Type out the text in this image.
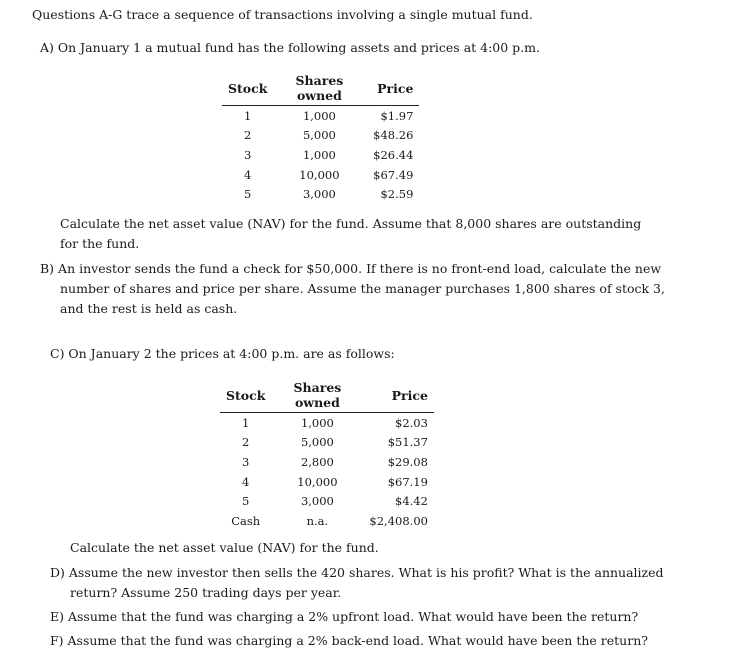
Questions A-G trace a sequence of transactions involving a single mutual fund.
A) On January 1 a mutual fund has the following assets and prices at 4:00 p.m.
Stock	Shares owned	Price
1	1,000	$1.97
2	5,000	$48.26
3	1,000	$26.44
4	10,000	$67.49
5	3,000	$2.59
Calculate the net asset value (NAV) for the fund. Assume that 8,000 shares are outstanding for the fund.
B) An investor sends the fund a check for $50,000. If there is no front-end load, calculate the new number of shares and price per share. Assume the manager purchases 1,800 shares of stock 3, and the rest is held as cash.
C) On January 2 the prices at 4:00 p.m. are as follows:
Stock	Shares owned	Price
1	1,000	$2.03
2	5,000	$51.37
3	2,800	$29.08
4	10,000	$67.19
5	3,000	$4.42
Cash	n.a.	$2,408.00
Calculate the net asset value (NAV) for the fund.
D) Assume the new investor then sells the 420 shares. What is his profit? What is the annualized return? Assume 250 trading days per year.
E) Assume that the fund was charging a 2% upfront load. What would have been the return?
F) Assume that the fund was charging a 2% back-end load. What would have been the return?
